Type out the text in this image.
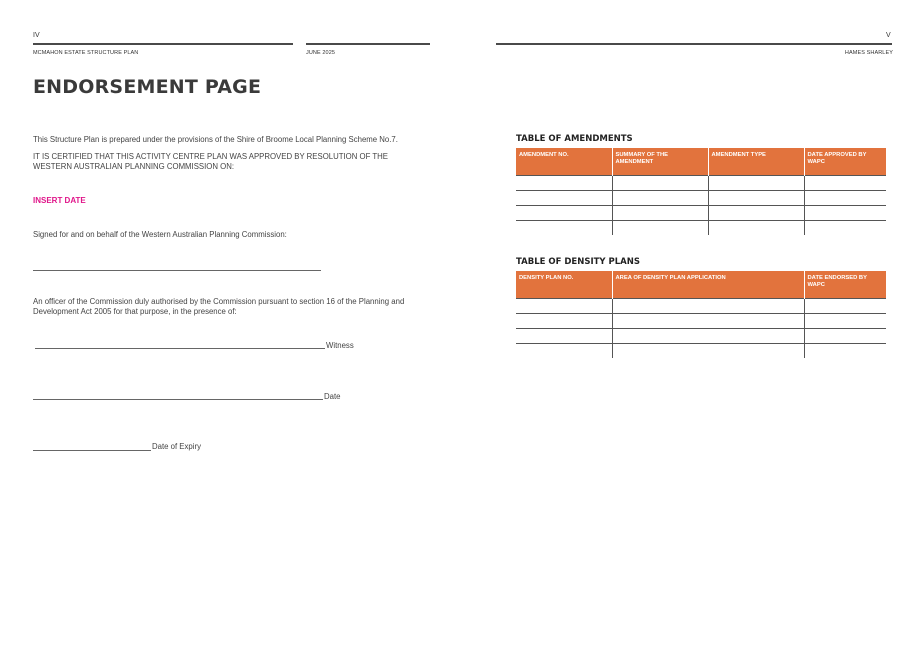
IV
MCMAHON ESTATE STRUCTURE PLAN	JUNE 2025
V
HAMES SHARLEY
ENDORSEMENT PAGE
This Structure Plan is prepared under the provisions of the Shire of Broome Local Planning Scheme No.7.
IT IS CERTIFIED THAT THIS ACTIVITY CENTRE PLAN WAS APPROVED BY RESOLUTION OF THE WESTERN AUSTRALIAN PLANNING COMMISSION ON:
INSERT DATE
Signed for and on behalf of the Western Australian Planning Commission:
An officer of the Commission duly authorised by the Commission pursuant to section 16 of the Planning and Development Act 2005 for that purpose, in the presence of:
Witness
Date
Date of Expiry
TABLE OF AMENDMENTS
AMENDMENT NO.	SUMMARY OF THE AMENDMENT	AMENDMENT TYPE	DATE APPROVED BY WAPC

TABLE OF DENSITY PLANS
DENSITY PLAN NO.	AREA OF DENSITY PLAN APPLICATION	DATE ENDORSED BY WAPC
